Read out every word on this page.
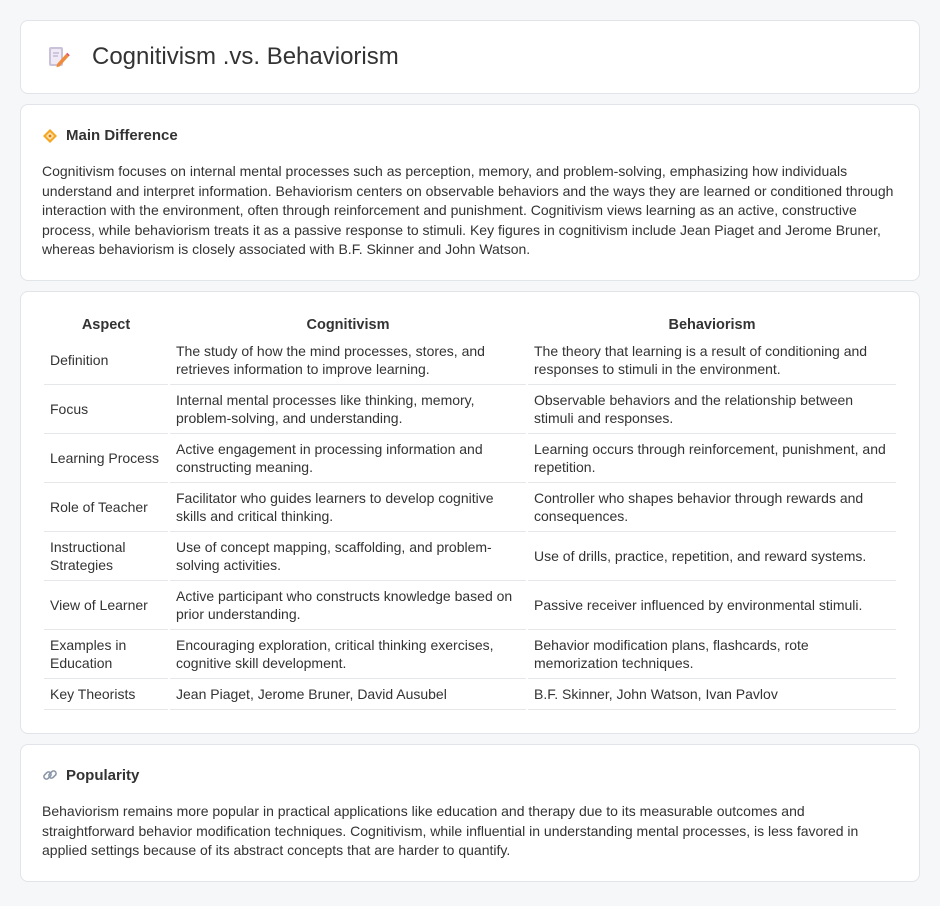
Cognitivism .vs. Behaviorism
Main Difference

Cognitivism focuses on internal mental processes such as perception, memory, and problem-solving, emphasizing how individuals understand and interpret information. Behaviorism centers on observable behaviors and the ways they are learned or conditioned through interaction with the environment, often through reinforcement and punishment. Cognitivism views learning as an active, constructive process, while behaviorism treats it as a passive response to stimuli. Key figures in cognitivism include Jean Piaget and Jerome Bruner, whereas behaviorism is closely associated with B.F. Skinner and John Watson.

Aspect	Cognitivism	Behaviorism
Definition	The study of how the mind processes, stores, and retrieves information to improve learning.	The theory that learning is a result of conditioning and responses to stimuli in the environment.
Focus	Internal mental processes like thinking, memory, problem-solving, and understanding.	Observable behaviors and the relationship between stimuli and responses.
Learning Process	Active engagement in processing information and constructing meaning.	Learning occurs through reinforcement, punishment, and repetition.
Role of Teacher	Facilitator who guides learners to develop cognitive skills and critical thinking.	Controller who shapes behavior through rewards and consequences.
Instructional Strategies	Use of concept mapping, scaffolding, and problem-solving activities.	Use of drills, practice, repetition, and reward systems.
View of Learner	Active participant who constructs knowledge based on prior understanding.	Passive receiver influenced by environmental stimuli.
Examples in Education	Encouraging exploration, critical thinking exercises, cognitive skill development.	Behavior modification plans, flashcards, rote memorization techniques.
Key Theorists	Jean Piaget, Jerome Bruner, David Ausubel	B.F. Skinner, John Watson, Ivan Pavlov
Popularity

Behaviorism remains more popular in practical applications like education and therapy due to its measurable outcomes and straightforward behavior modification techniques. Cognitivism, while influential in understanding mental processes, is less favored in applied settings because of its abstract concepts that are harder to quantify.
